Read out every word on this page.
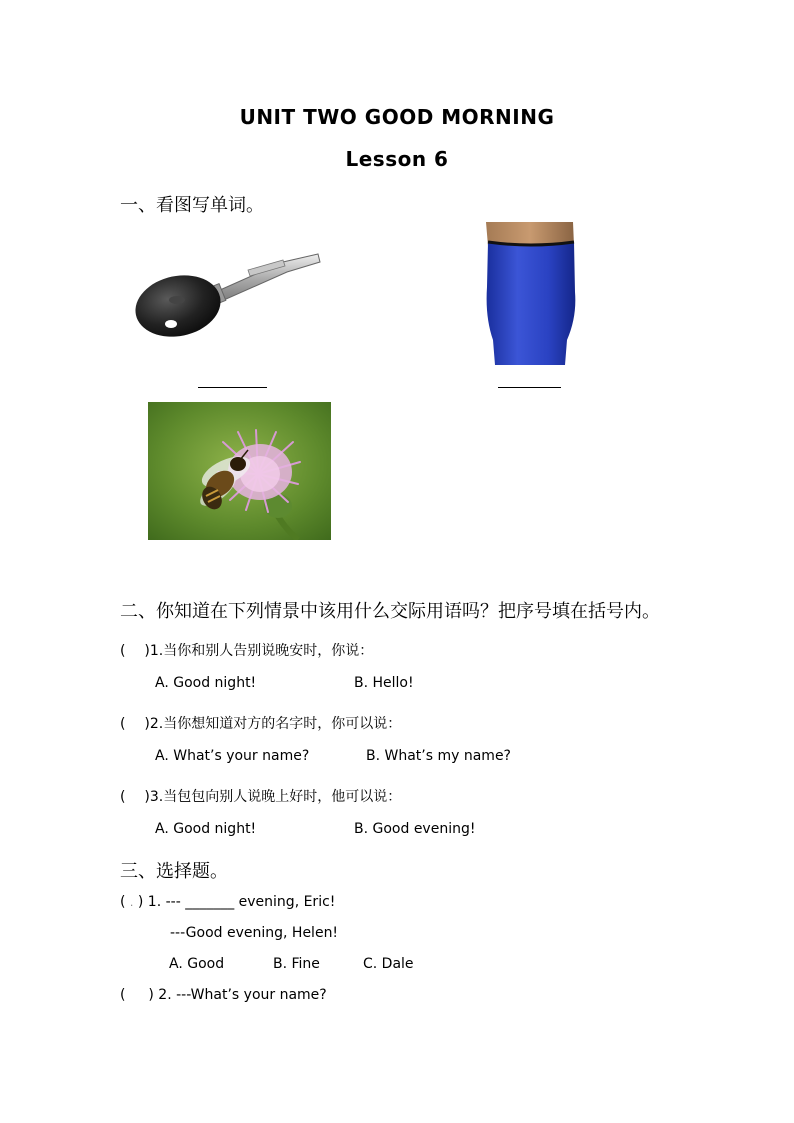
UNIT TWO GOOD MORNING
Lesson 6
一、看图写单词。
二、你知道在下列情景中该用什么交际用语吗？把序号填在括号内。
( )1.当你和别人告别说晚安时，你说：
A. Good night!	B. Hello!
( )2.当你想知道对方的名字时，你可以说：
A. What’s your name?	B. What’s my name?
( )3.当包包向别人说晚上好时，他可以说：
A. Good night!	B. Good evening!
三、选择题。
( . ) 1. --- _______ evening, Eric!
---Good evening, Helen!
A. Good	B. Fine	C. Dale
( ) 2. ---What’s your name?
